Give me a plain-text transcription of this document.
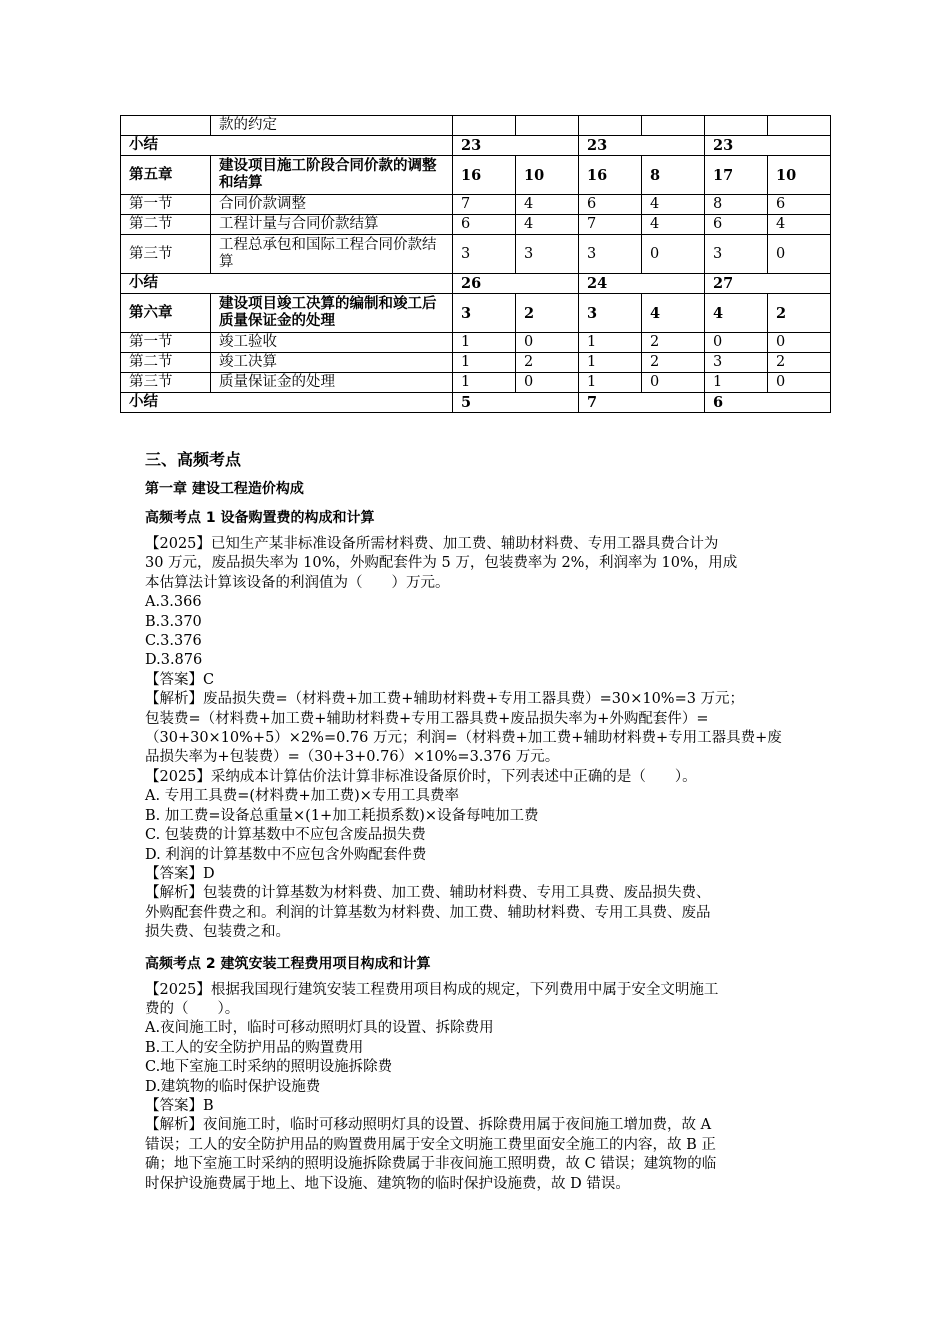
	款的约定						
小结		23		23		23	
第五章	建设项目施工阶段合同价款的调整和结算	16	10	16	8	17	10
第一节	合同价款调整	7	4	6	4	8	6
第二节	工程计量与合同价款结算	6	4	7	4	6	4
第三节	工程总承包和国际工程合同价款结算	3	3	3	0	3	0
小结		26		24		27	
第六章	建设项目竣工决算的编制和竣工后质量保证金的处理	3	2	3	4	4	2
第一节	竣工验收	1	0	1	2	0	0
第二节	竣工决算	1	2	1	2	3	2
第三节	质量保证金的处理	1	0	1	0	1	0
小结		5		7		6	
三、高频考点
第一章 建设工程造价构成
高频考点 1 设备购置费的构成和计算
【2025】已知生产某非标准设备所需材料费、加工费、辅助材料费、专用工器具费合计为
30 万元，废品损失率为 10%，外购配套件为 5 万，包装费率为 2%，利润率为 10%，用成
本估算法计算该设备的利润值为（　　）万元。
A.3.366
B.3.370
C.3.376
D.3.876
【答案】C
【解析】废品损失费=（材料费+加工费+辅助材料费+专用工器具费）=30×10%=3 万元；
包装费=（材料费+加工费+辅助材料费+专用工器具费+废品损失率为+外购配套件）=
（30+30×10%+5）×2%=0.76 万元；利润=（材料费+加工费+辅助材料费+专用工器具费+废
品损失率为+包装费）=（30+3+0.76）×10%=3.376 万元。
【2025】采纳成本计算估价法计算非标准设备原价时，下列表述中正确的是（　　）。
A. 专用工具费=(材料费+加工费)×专用工具费率
B. 加工费=设备总重量×(1+加工耗损系数)×设备每吨加工费
C. 包装费的计算基数中不应包含废品损失费
D. 利润的计算基数中不应包含外购配套件费
【答案】D
【解析】包装费的计算基数为材料费、加工费、辅助材料费、专用工具费、废品损失费、
外购配套件费之和。利润的计算基数为材料费、加工费、辅助材料费、专用工具费、废品
损失费、包装费之和。
高频考点 2 建筑安装工程费用项目构成和计算
【2025】根据我国现行建筑安装工程费用项目构成的规定，下列费用中属于安全文明施工
费的（　　）。
A.夜间施工时，临时可移动照明灯具的设置、拆除费用
B.工人的安全防护用品的购置费用
C.地下室施工时采纳的照明设施拆除费
D.建筑物的临时保护设施费
【答案】B
【解析】夜间施工时，临时可移动照明灯具的设置、拆除费用属于夜间施工增加费，故 A
错误；工人的安全防护用品的购置费用属于安全文明施工费里面安全施工的内容，故 B 正
确；地下室施工时采纳的照明设施拆除费属于非夜间施工照明费，故 C 错误；建筑物的临
时保护设施费属于地上、地下设施、建筑物的临时保护设施费，故 D 错误。
